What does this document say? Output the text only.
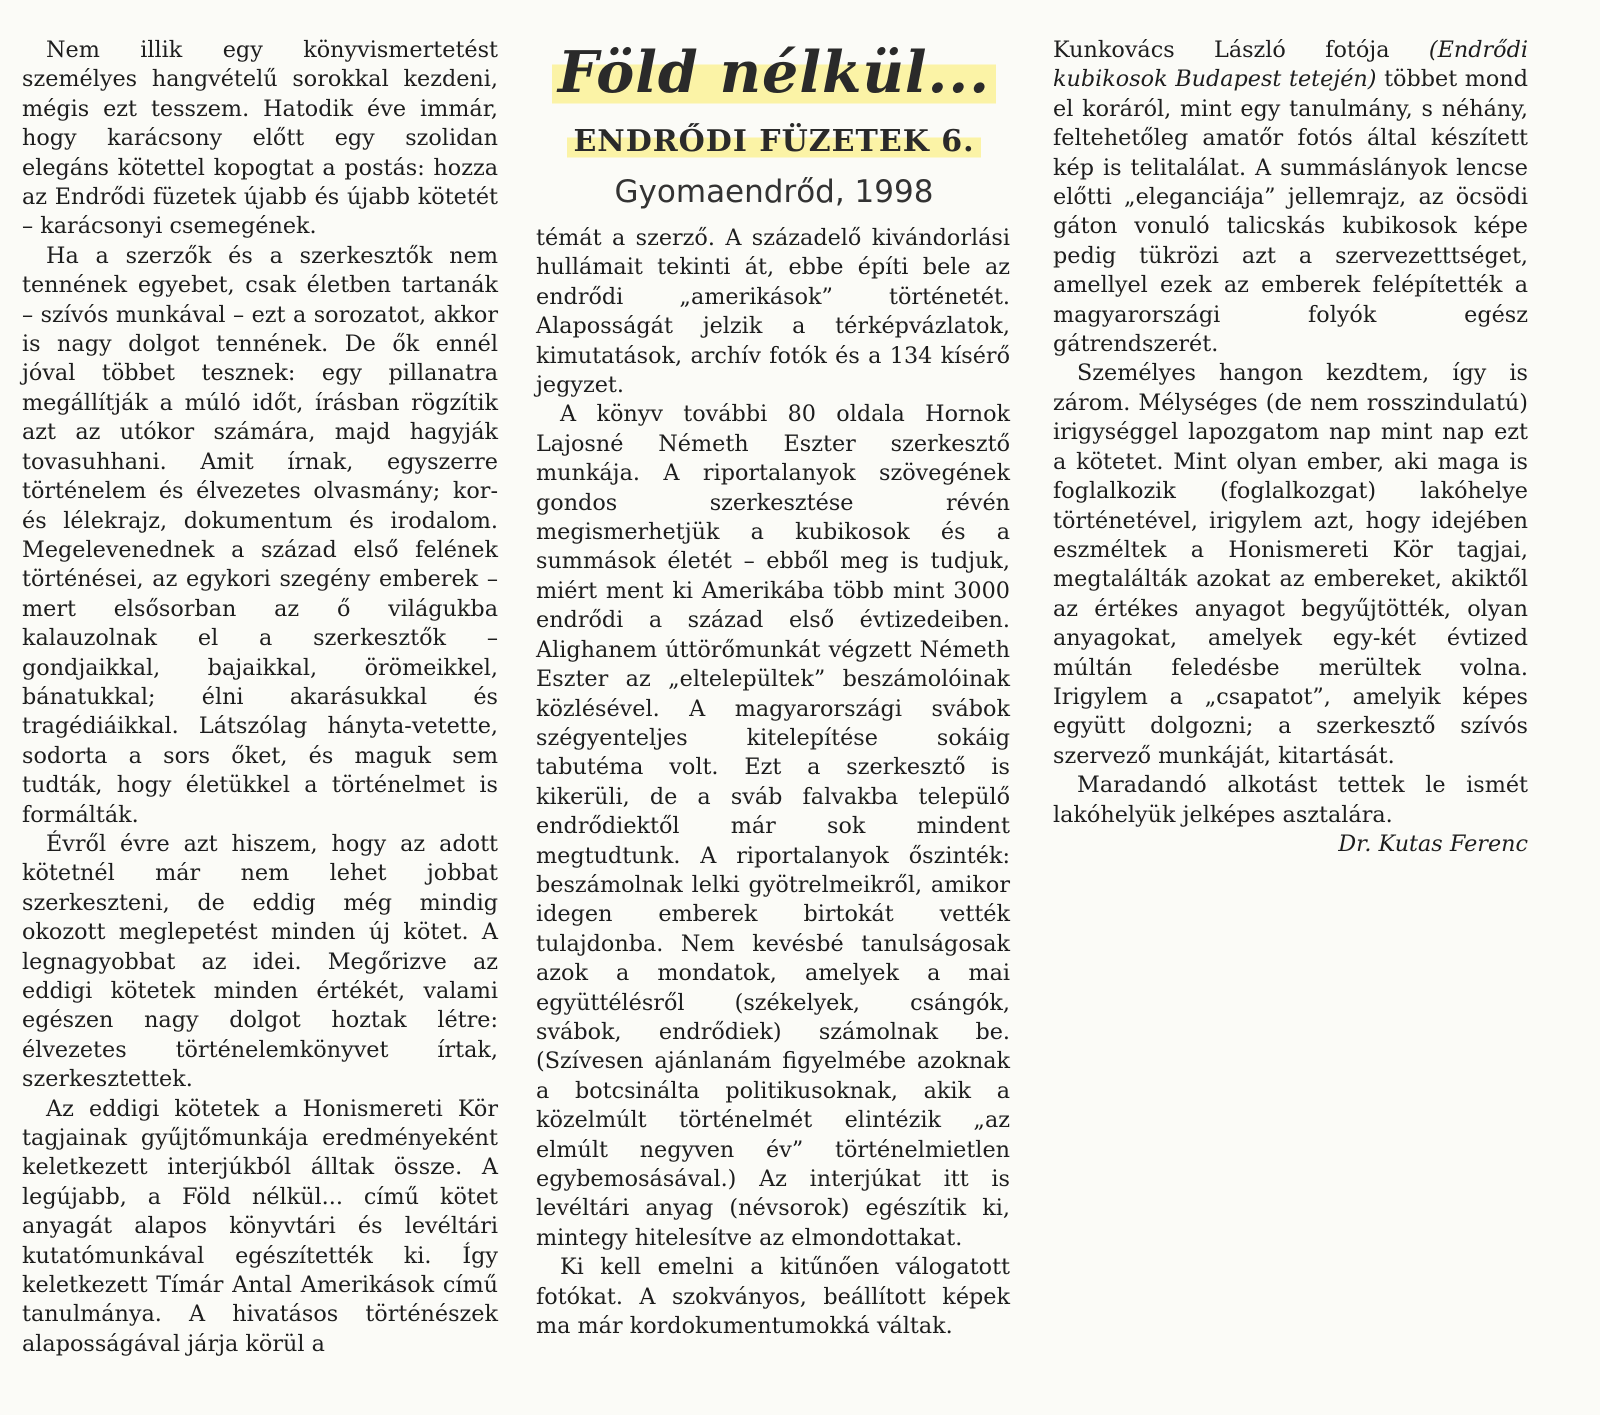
Nem illik egy könyvismertetést személyes hangvételű sorokkal kezdeni, mégis ezt tesszem. Hatodik éve immár, hogy karácsony előtt egy szolidan elegáns kötettel kopogtat a postás: hozza az Endrődi füzetek újabb és újabb kötetét – karácsonyi csemegének.

Ha a szerzők és a szerkesztők nem tennének egyebet, csak életben tartanák – szívós munkával – ezt a sorozatot, akkor is nagy dolgot tennének. De ők ennél jóval többet tesznek: egy pillanatra megállítják a múló időt, írásban rögzítik azt az utókor számára, majd hagyják tovasuhhani. Amit írnak, egyszerre történelem és élvezetes olvasmány; kor- és lélekrajz, dokumentum és irodalom. Megelevenednek a század első felének történései, az egykori szegény emberek – mert elsősorban az ő világukba kalauzolnak el a szerkesztők – gondjaikkal, bajaikkal, örömeikkel, bánatukkal; élni akarásukkal és tragédiáikkal. Látszólag hányta-vetette, sodorta a sors őket, és maguk sem tudták, hogy életükkel a történelmet is formálták.

Évről évre azt hiszem, hogy az adott kötetnél már nem lehet jobbat szerkeszteni, de eddig még mindig okozott meglepetést minden új kötet. A legnagyobbat az idei. Megőrizve az eddigi kötetek minden értékét, valami egészen nagy dolgot hoztak létre: élvezetes történelemkönyvet írtak, szerkesztettek.

Az eddigi kötetek a Honismereti Kör tagjainak gyűjtőmunkája eredményeként keletkezett interjúkból álltak össze. A legújabb, a Föld nélkül... című kötet anyagát alapos könyvtári és levéltári kutatómunkával egészítették ki. Így keletkezett Tímár Antal Amerikások című tanulmánya. A hivatásos történészek alaposságával járja körül a

Föld nélkül...
ENDRŐDI FÜZETEK 6.
Gyomaendrőd, 1998

témát a szerző. A századelő kivándorlási hullámait tekinti át, ebbe építi bele az endrődi „amerikások” történetét. Alaposságát jelzik a térképvázlatok, kimutatások, archív fotók és a 134 kísérő jegyzet.

A könyv további 80 oldala Hornok Lajosné Németh Eszter szerkesztő munkája. A riportalanyok szövegének gondos szerkesztése révén megismerhetjük a kubikosok és a summások életét – ebből meg is tudjuk, miért ment ki Amerikába több mint 3000 endrődi a század első évtizedeiben. Alighanem úttörőmunkát végzett Németh Eszter az „eltelepültek” beszámolóinak közlésével. A magyarországi svábok szégyenteljes kitelepítése sokáig tabutéma volt. Ezt a szerkesztő is kikerüli, de a sváb falvakba települő endrődiektől már sok mindent megtudtunk. A riportalanyok őszinték: beszámolnak lelki gyötrelmeikről, amikor idegen emberek birtokát vették tulajdonba. Nem kevésbé tanulságosak azok a mondatok, amelyek a mai együttélésről (székelyek, csángók, svábok, endrődiek) számolnak be. (Szívesen ajánlanám figyelmébe azoknak a botcsinálta politikusoknak, akik a közelmúlt történelmét elintézik „az elmúlt negyven év” történelmietlen egybemosásával.) Az interjúkat itt is levéltári anyag (névsorok) egészítik ki, mintegy hitelesítve az elmondottakat.

Ki kell emelni a kitűnően válogatott fotókat. A szokványos, beállított képek ma már kordokumentumokká váltak.

Kunkovács László fotója (Endrődi kubikosok Budapest tetején) többet mond el koráról, mint egy tanulmány, s néhány, feltehetőleg amatőr fotós által készített kép is telitalálat. A summáslányok lencse előtti „eleganciája” jellemrajz, az öcsödi gáton vonuló talicskás kubikosok képe pedig tükrözi azt a szervezetttséget, amellyel ezek az emberek felépítették a magyarországi folyók egész gátrendszerét.

Személyes hangon kezdtem, így is zárom. Mélységes (de nem rosszindulatú) irigységgel lapozgatom nap mint nap ezt a kötetet. Mint olyan ember, aki maga is foglalkozik (foglalkozgat) lakóhelye történetével, irigylem azt, hogy idejében eszméltek a Honismereti Kör tagjai, megtalálták azokat az embereket, akiktől az értékes anyagot begyűjtötték, olyan anyagokat, amelyek egy-két évtized múltán feledésbe merültek volna. Irigylem a „csapatot”, amelyik képes együtt dolgozni; a szerkesztő szívós szervező munkáját, kitartását.

Maradandó alkotást tettek le ismét lakóhelyük jelképes asztalára.

Dr. Kutas Ferenc
